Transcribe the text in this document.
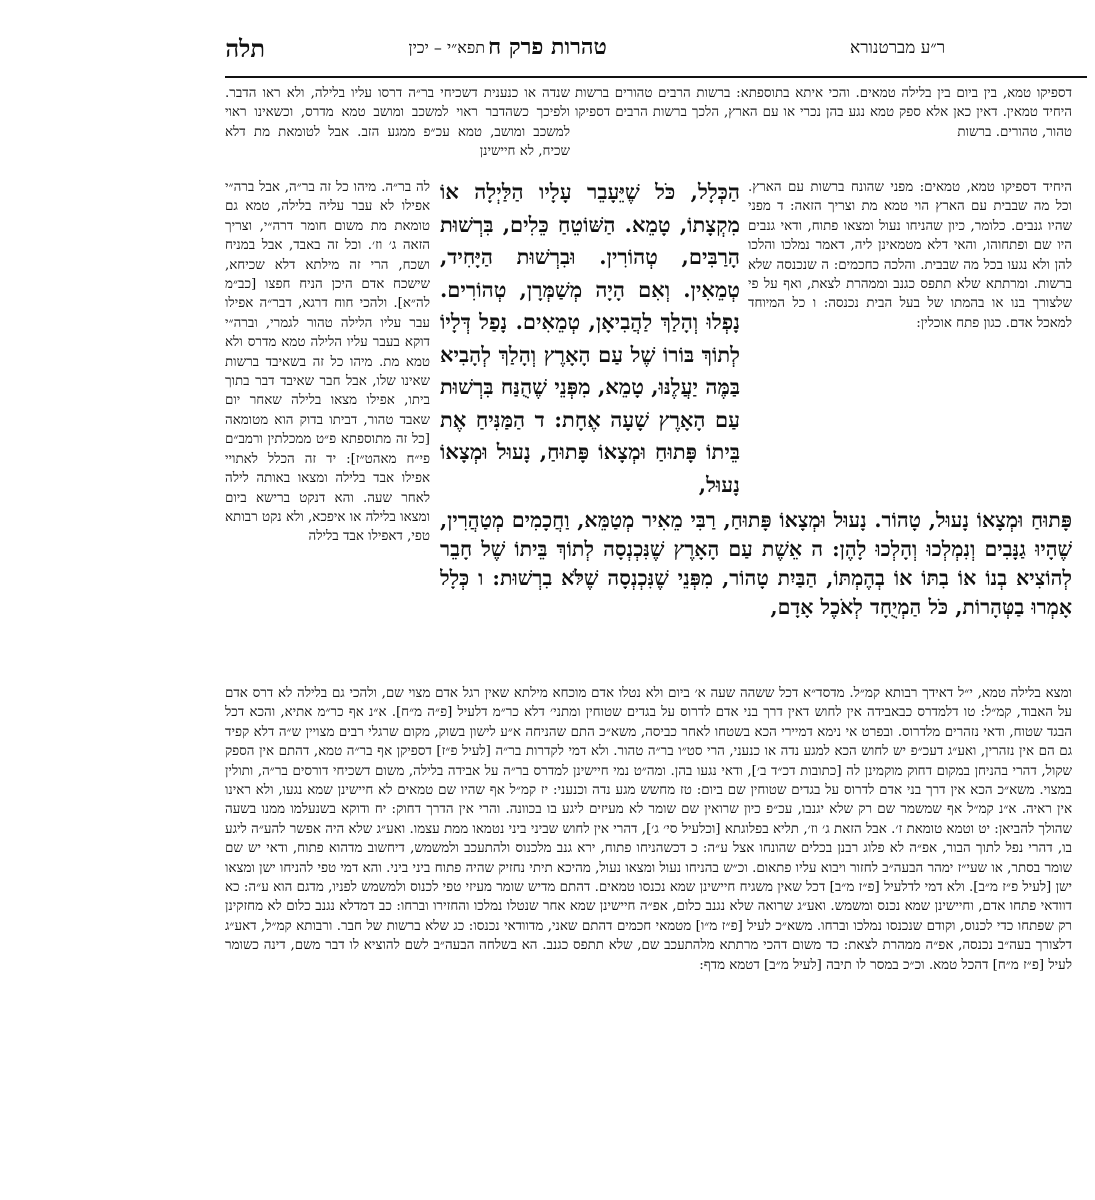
תלה	תפא״י – יכין טהרות פרק ח	ר״ע מברטנורא
דספיקו טמא, בין ביום בין בלילה טמאים. והכי איתא בתוספתא: ברשות הרבים טהורים ברשות היחיד טמאין. דאין כאן אלא ספק טמא נגע בהן נכרי או עם הארץ, הלכך ברשות הרבים דספיקו טהור, טהורים. ברשות
שנדה או כנענית דשכיחי בר״ה דרסו עליו בלילה, ולא ראו הדבר. ולפיכך כשהדבר ראוי למשכב ומושב טמא מדרס, וכשאינו ראוי למשכב ומושב, טמא עכ״פ ממגע הזב. אבל לטומאת מת דלא שכיח, לא חיישינן
היחיד דספיקו טמא, טמאים: מפני שהונח ברשות עם הארץ. וכל מה שבבית עם הארץ הוי טמא מת וצריך הזאה: ד מפני שהיו גנבים. כלומר, כיון שהניחו נעול ומצאו פתוח, ודאי גנבים היו שם ופתחוהו, והאי דלא מטמאינן ליה, דאמר נמלכו והלכו להן ולא נגעו בכל מה שבבית. והלכה כחכמים: ה שנכנסה שלא ברשות. ומרתתא שלא תתפס כגנב וממהרת לצאת, ואף על פי שלצורך בנו או בהמתו של בעל הבית נכנסה: ו כל המיוחד למאכל אדם. כגון פתח אוכלין:
הַכְּלָל, כֹּל שֶׁיֵּעָבֵר עָלָיו הַלַּיְלָה אוֹ מִקְצָתוֹ, טָמֵא. הַשּׁוֹטֵחַ כֵּלִים, בִּרְשׁוּת הָרַבִּים, טְהוֹרִין. וּבִרְשׁוּת הַיָּחִיד, טְמֵאִין. וְאִם הָיָה מְשַׁמְּרָן, טְהוֹרִים. נָפְלוּ וְהָלַךְ לַהֲבִיאָן, טְמֵאִים. נָפַל דְּלָיוֹ לְתוֹךְ בּוֹרוֹ שֶׁל עַם הָאָרֶץ וְהָלַךְ לְהָבִיא בַּמֶּה יַעֲלֶנּוּ, טָמֵא, מִפְּנֵי שֶׁהֻנַּח בִּרְשׁוּת עַם הָאָרֶץ שָׁעָה אֶחָת: ד הַמַּנִּיחַ אֶת בֵּיתוֹ פָּתוּחַ וּמְצָאוֹ פָּתוּחַ, נָעוּל וּמְצָאוֹ נָעוּל,
לה בר״ה. מיהו כל זה בר״ה, אבל ברה״י אפילו לא עבר עליה בלילה, טמא גם טומאת מת משום חומר דרה״י, וצריך הזאה ג׳ וז׳. וכל זה באבד, אבל במניח ושכח, הרי זה מילתא דלא שכיחא, שישכח אדם היכן הניח חפצו [כב״מ לה״א]. ולהכי חוח דרגא, דבר״ה אפילו עבר עליו הלילה טהור לגמרי, וברה״י דוקא בעבר עליו הלילה טמא מדרס ולא טמא מת. מיהו כל זה בשאיבד ברשות שאינו שלו, אבל חבר שאיבד דבר בתוך ביתו, אפילו מצאו בלילה שאחר יום שאבד טהור, דביתו בדוק הוא מטומאה [כל זה מתוספתא פ״ט ממכלתין ורמב״ם פי״ח מאהט״ז]: יד זה הכלל לאתויי אפילו אבד בלילה ומצאו באותה לילה לאחר שעה. והא דנקט ברישא ביום ומצאו בלילה או איפכא, ולא נקט רבותא טפי, דאפילו אבד בלילה
פָּתוּחַ וּמְצָאוֹ נָעוּל, טָהוֹר. נָעוּל וּמְצָאוֹ פָּתוּחַ, רַבִּי מֵאִיר מְטַמֵּא, וַחֲכָמִים מְטַהֲרִין, שֶׁהָיוּ גַנָּבִים וְנִמְלְכוּ וְהָלְכוּ לָהֶן: ה אֵשֶׁת עַם הָאָרֶץ שֶׁנִּכְנְסָה לְתוֹךְ בֵּיתוֹ שֶׁל חָבֵר לְהוֹצִיא בְנוֹ אוֹ בִתּוֹ אוֹ בְהֶמְתּוֹ, הַבַּיִת טָהוֹר, מִפְּנֵי שֶׁנִּכְנְסָה שֶׁלֹּא בִרְשׁוּת: ו כְּלָל אָמְרוּ בַטְּהָרוֹת, כֹּל הַמְיֻחָד לְאֹכֶל אָדָם,
ומצא בלילה טמא, י״ל דאידך רבותא קמ״ל. מדסד״א דכל ששהה שעה א׳ ביום ולא נטלו אדם מוכחא מילתא שאין רגל אדם מצוי שם, ולהכי גם בלילה לא דרס אדם על האבוד, קמ״ל: טו דלמדרס כבאבידה אין לחוש דאין דרך בני אדם לדרוס על בגדים שטוחין ומתני׳ דלא כר״מ דלעיל [פ״ה מ״ח]. א״נ אף כר״מ אתיא, והכא דכל הבגד שטוח, ודאי נזהרים מלדרוס. ובפרט אי נימא דמיירי הכא בשטחו לאחר כביסה, משא״כ התם שהניחה א״ע לישון בשוק, מקום שרגלי רבים מצויין ש״ה דלא קפיד גם הם אין נזהרין, ואע״ג דעכ״פ יש לחוש הכא למגע נדה או כנעני, הרי סט״ו בר״ה טהור. ולא דמי לקדרות בר״ה [לעיל פ״ז] דספיקן אף בר״ה טמא, דהתם אין הספק שקול, דהרי בהניחן במקום דחוק מוקמינן לה [כתובות דכ״ד ב׳], ודאי נגעו בהן. ומה״ט נמי חיישינן למדרס בר״ה על אבידה בלילה, משום דשכיחי דורסים בר״ה, ותולין במצוי. משא״כ הכא אין דרך בני אדם לדרוס על בגדים שטוחין שם ביום: טז מחשש מגע נדה וכנעני: יז קמ״ל אף שהיו שם טמאים לא חיישינן שמא נגעו, ולא ראינו אין ראיה. א״נ קמ״ל אף שמשמר שם רק שלא יגנבו, עכ״פ כיון שרואין שם שומר לא מעיזים ליגע בו בכוונה. והרי אין הדרך דחוק: יח ודוקא בשנעלמו ממנו בשעה שהולך להביאן: יט וטמא טומאת ז׳. אבל הזאת ג׳ וז׳, תליא בפלוגתא [וכלעיל סי׳ ג׳], דהרי אין לחוש שביני ביני נטמאו ממת עצמו. ואע״ג שלא היה אפשר להע״ה ליגע בו, דהרי נפל לתוך הבור, אפ״ה לא פלוג רבנן בכלים שהונחו אצל ע״ה: כ דכשהניחו פתוח, ירא גנב מלכנוס ולהתעכב ולמשמש, דיחשוב מדהוא פתוח, ודאי יש שם שומר בסתר, או שעי״ז ימהר הבעה״ב לחזור ויבוא עליו פתאום. וכ״ש בהניחו נעול ומצאו נעול, מהיכא תיתי נחזיק שהיה פתוח ביני ביני. והא דמי טפי להניחו ישן ומצאו ישן [לעיל פ״ז מ״ב]. ולא דמי לדלעיל [פ״ז מ״ב] דכל שאין משגיח חיישינן שמא נכנסו טמאים. דהתם מדיש שומר מעיזי טפי לכנוס ולמשמש לפניו, מדגם הוא ע״ה: כא דוודאי פתחו אדם, וחיישינן שמא נכנס ומשמש. ואע״ג שרואה שלא נגנב כלום, אפ״ה חיישינן שמא אחר שנטלו נמלכו והחזירו וברחו: כב דמדלא נגנב כלום לא מחזקינן רק שפתחו כדי לכנוס, וקודם שנכנסו נמלכו וברחו. משא״כ לעיל [פ״ז מ״ו] מטמאי חכמים דהתם שאני, מדוודאי נכנסו: כג שלא ברשות של חבר. ורבותא קמ״ל, דאע״ג דלצורך בעה״ב נכנסה, אפ״ה ממהרת לצאת: כד משום דהכי מרתתא מלהתעכב שם, שלא תתפס כגנב. הא בשלחה הבעה״ב לשם להוציא לו דבר משם, דינה כשומר לעיל [פ״ז מ״ח] דהכל טמא. וכ״כ במסר לו תיבה [לעיל מ״ב] דטמא מדף:
